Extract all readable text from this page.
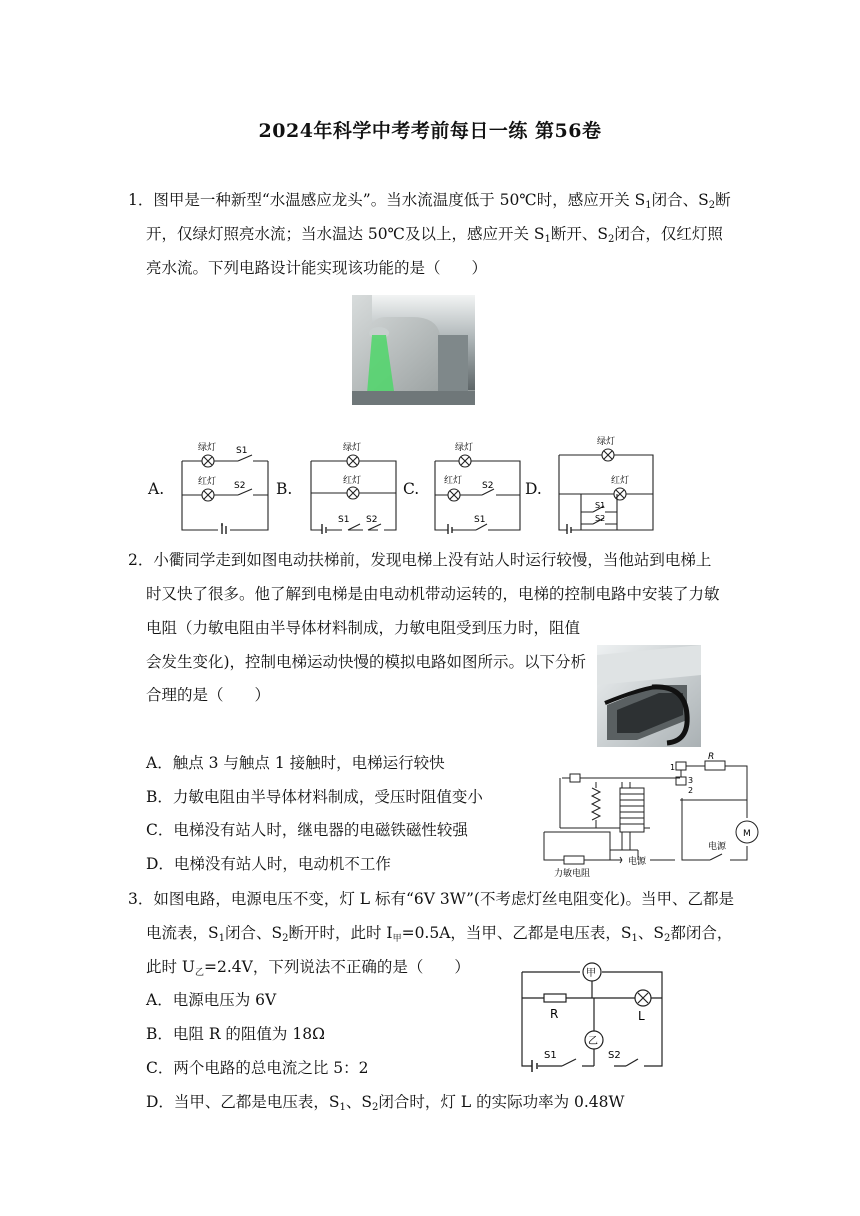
2024年科学中考考前每日一练 第56卷
1．图甲是一种新型“水温感应龙头”。当水流温度低于 50℃时，感应开关 $S_1$闭合、$S_2$断
开，仅绿灯照亮水流；当水温达 50℃及以上，感应开关 $S_1$断开、$S_2$闭合，仅红灯照
亮水流。下列电路设计能实现该功能的是（　　）
A.	B.	C.	D.
绿灯
红灯
S1
S2
绿灯
红灯
S1 S2
绿灯
红灯 S2
S1
绿灯
红灯
S1
S2
2．小衢同学走到如图电动扶梯前，发现电梯上没有站人时运行较慢，当他站到电梯上
时又快了很多。他了解到电梯是由电动机带动运转的，电梯的控制电路中安装了力敏
电阻（力敏电阻由半导体材料制成，力敏电阻受到压力时，阻值
会发生变化)，控制电梯运动快慢的模拟电路如图所示。以下分析
合理的是（　　）
A．触点 3 与触点 1 接触时，电梯运行较快
B．力敏电阻由半导体材料制成，受压时阻值变小
C．电梯没有站人时，继电器的电磁铁磁性较强
D．电梯没有站人时，电动机不工作
R
1
3
2
M
电源
电源
力敏电阻
3．如图电路，电源电压不变，灯 L 标有“6V 3W”(不考虑灯丝电阻变化)。当甲、乙都是
电流表，$S_1$闭合、$S_2$断开时，此时 I甲=0.5A，当甲、乙都是电压表，$S_1$、$S_2$都闭合，
此时 U乙=2.4V，下列说法不正确的是（　　）
A．电源电压为 6V
B．电阻 R 的阻值为 18Ω
C．两个电路的总电流之比 5：2
D．当甲、乙都是电压表，$S_1$、$S_2$闭合时，灯 L 的实际功率为 0.48W
甲
乙
R	L
S1	S2
